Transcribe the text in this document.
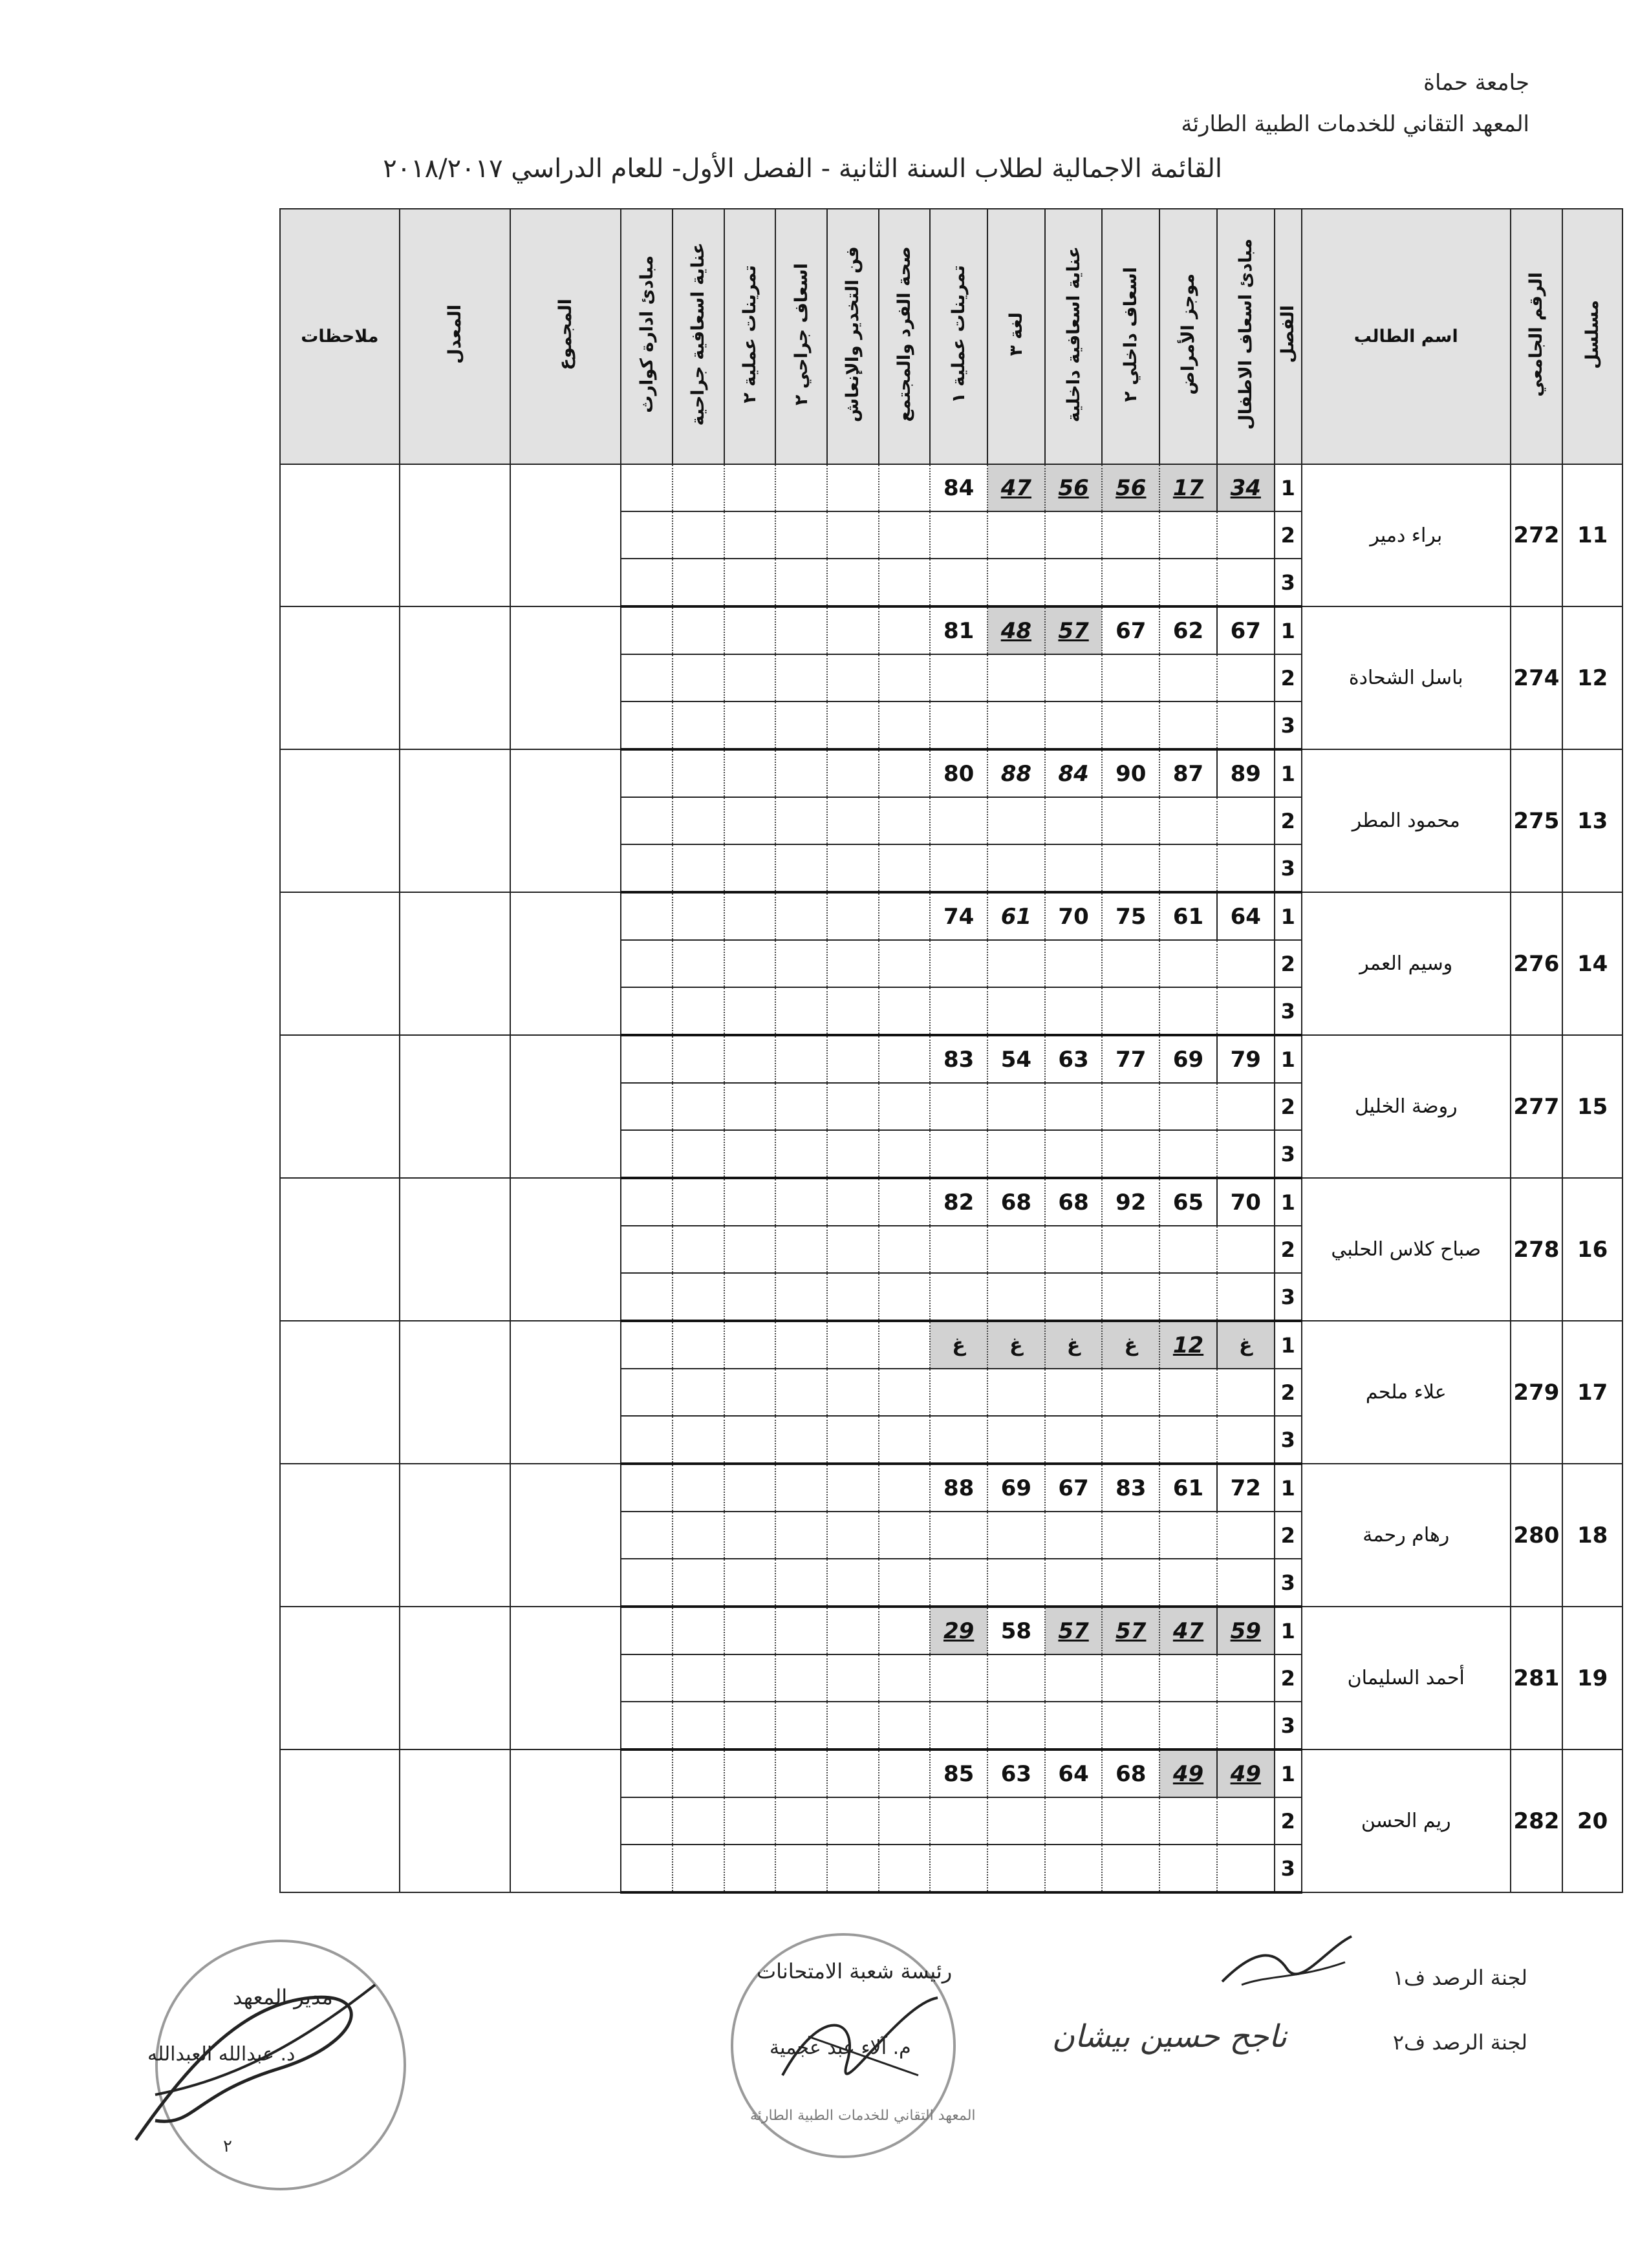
جامعة حماة
المعهد التقاني للخدمات الطبية الطارئة
القائمة الاجمالية لطلاب السنة الثانية - الفصل الأول- للعام الدراسي ٢٠١٨/٢٠١٧
مسلسل	الرقم الجامعي	اسم الطالب	الفصل	مبادئ اسعاف الاطفال	موجز الأمراض	اسعاف داخلي ٢	عناية اسعافية داخلية	لغة ٣	تمرينات عملية ١	صحة الفرد والمجتمع	فن التخدير والإنعاش	اسعاف جراحي ٢	تمرينات عملية ٢	عناية اسعافية جراحية	مبادئ ادارة كوارث	المجموع	المعدل	ملاحظات
11	272	براء دمير	1	34	17	56	56	47	84									
			2															
			3															
12	274	باسل الشحادة	1	67	62	67	57	48	81									
			2															
			3															
13	275	محمود المطر	1	89	87	90	84	88	80									
			2															
			3															
14	276	وسيم العمر	1	64	61	75	70	61	74									
			2															
			3															
15	277	روضة الخليل	1	79	69	77	63	54	83									
			2															
			3															
16	278	صباح كلاس الحلبي	1	70	65	92	68	68	82									
			2															
			3															
17	279	علاء ملحم	1	غ	12	غ	غ	غ	غ									
			2															
			3															
18	280	رهام رحمة	1	72	61	83	67	69	88									
			2															
			3															
19	281	أحمد السليمان	1	59	47	57	57	58	29									
			2															
			3															
20	282	ريم الحسن	1	49	49	68	64	63	85									
			2															
			3															
لجنة الرصد ف١
لجنة الرصد ف٢
ناجح حسين بيشان
رئيسة شعبة الامتحانات
م. آلاء عبد عجمية
المعهد التقاني للخدمات الطبية الطارئة
مدير المعهد
د. عبدالله العبدالله
٢
